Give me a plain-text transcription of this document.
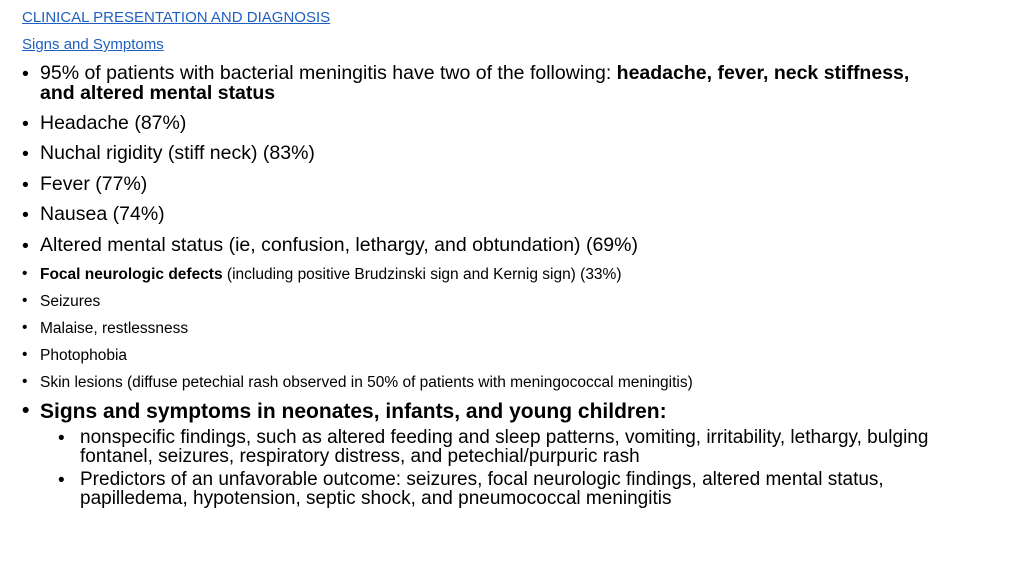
CLINICAL PRESENTATION AND DIAGNOSIS
Signs and Symptoms
• 95% of patients with bacterial meningitis have two of the following: headache, fever, neck stiffness, and altered mental status
• Headache (87%)
• Nuchal rigidity (stiff neck) (83%)
• Fever (77%)
• Nausea (74%)
• Altered mental status (ie, confusion, lethargy, and obtundation) (69%)
• Focal neurologic defects (including positive Brudzinski sign and Kernig sign) (33%)
• Seizures
• Malaise, restlessness
• Photophobia
• Skin lesions (diffuse petechial rash observed in 50% of patients with meningococcal meningitis)
• Signs and symptoms in neonates, infants, and young children:
• nonspecific findings, such as altered feeding and sleep patterns, vomiting, irritability, lethargy, bulging fontanel, seizures, respiratory distress, and petechial/purpuric rash
• Predictors of an unfavorable outcome: seizures, focal neurologic findings, altered mental status, papilledema, hypotension, septic shock, and pneumococcal meningitis
